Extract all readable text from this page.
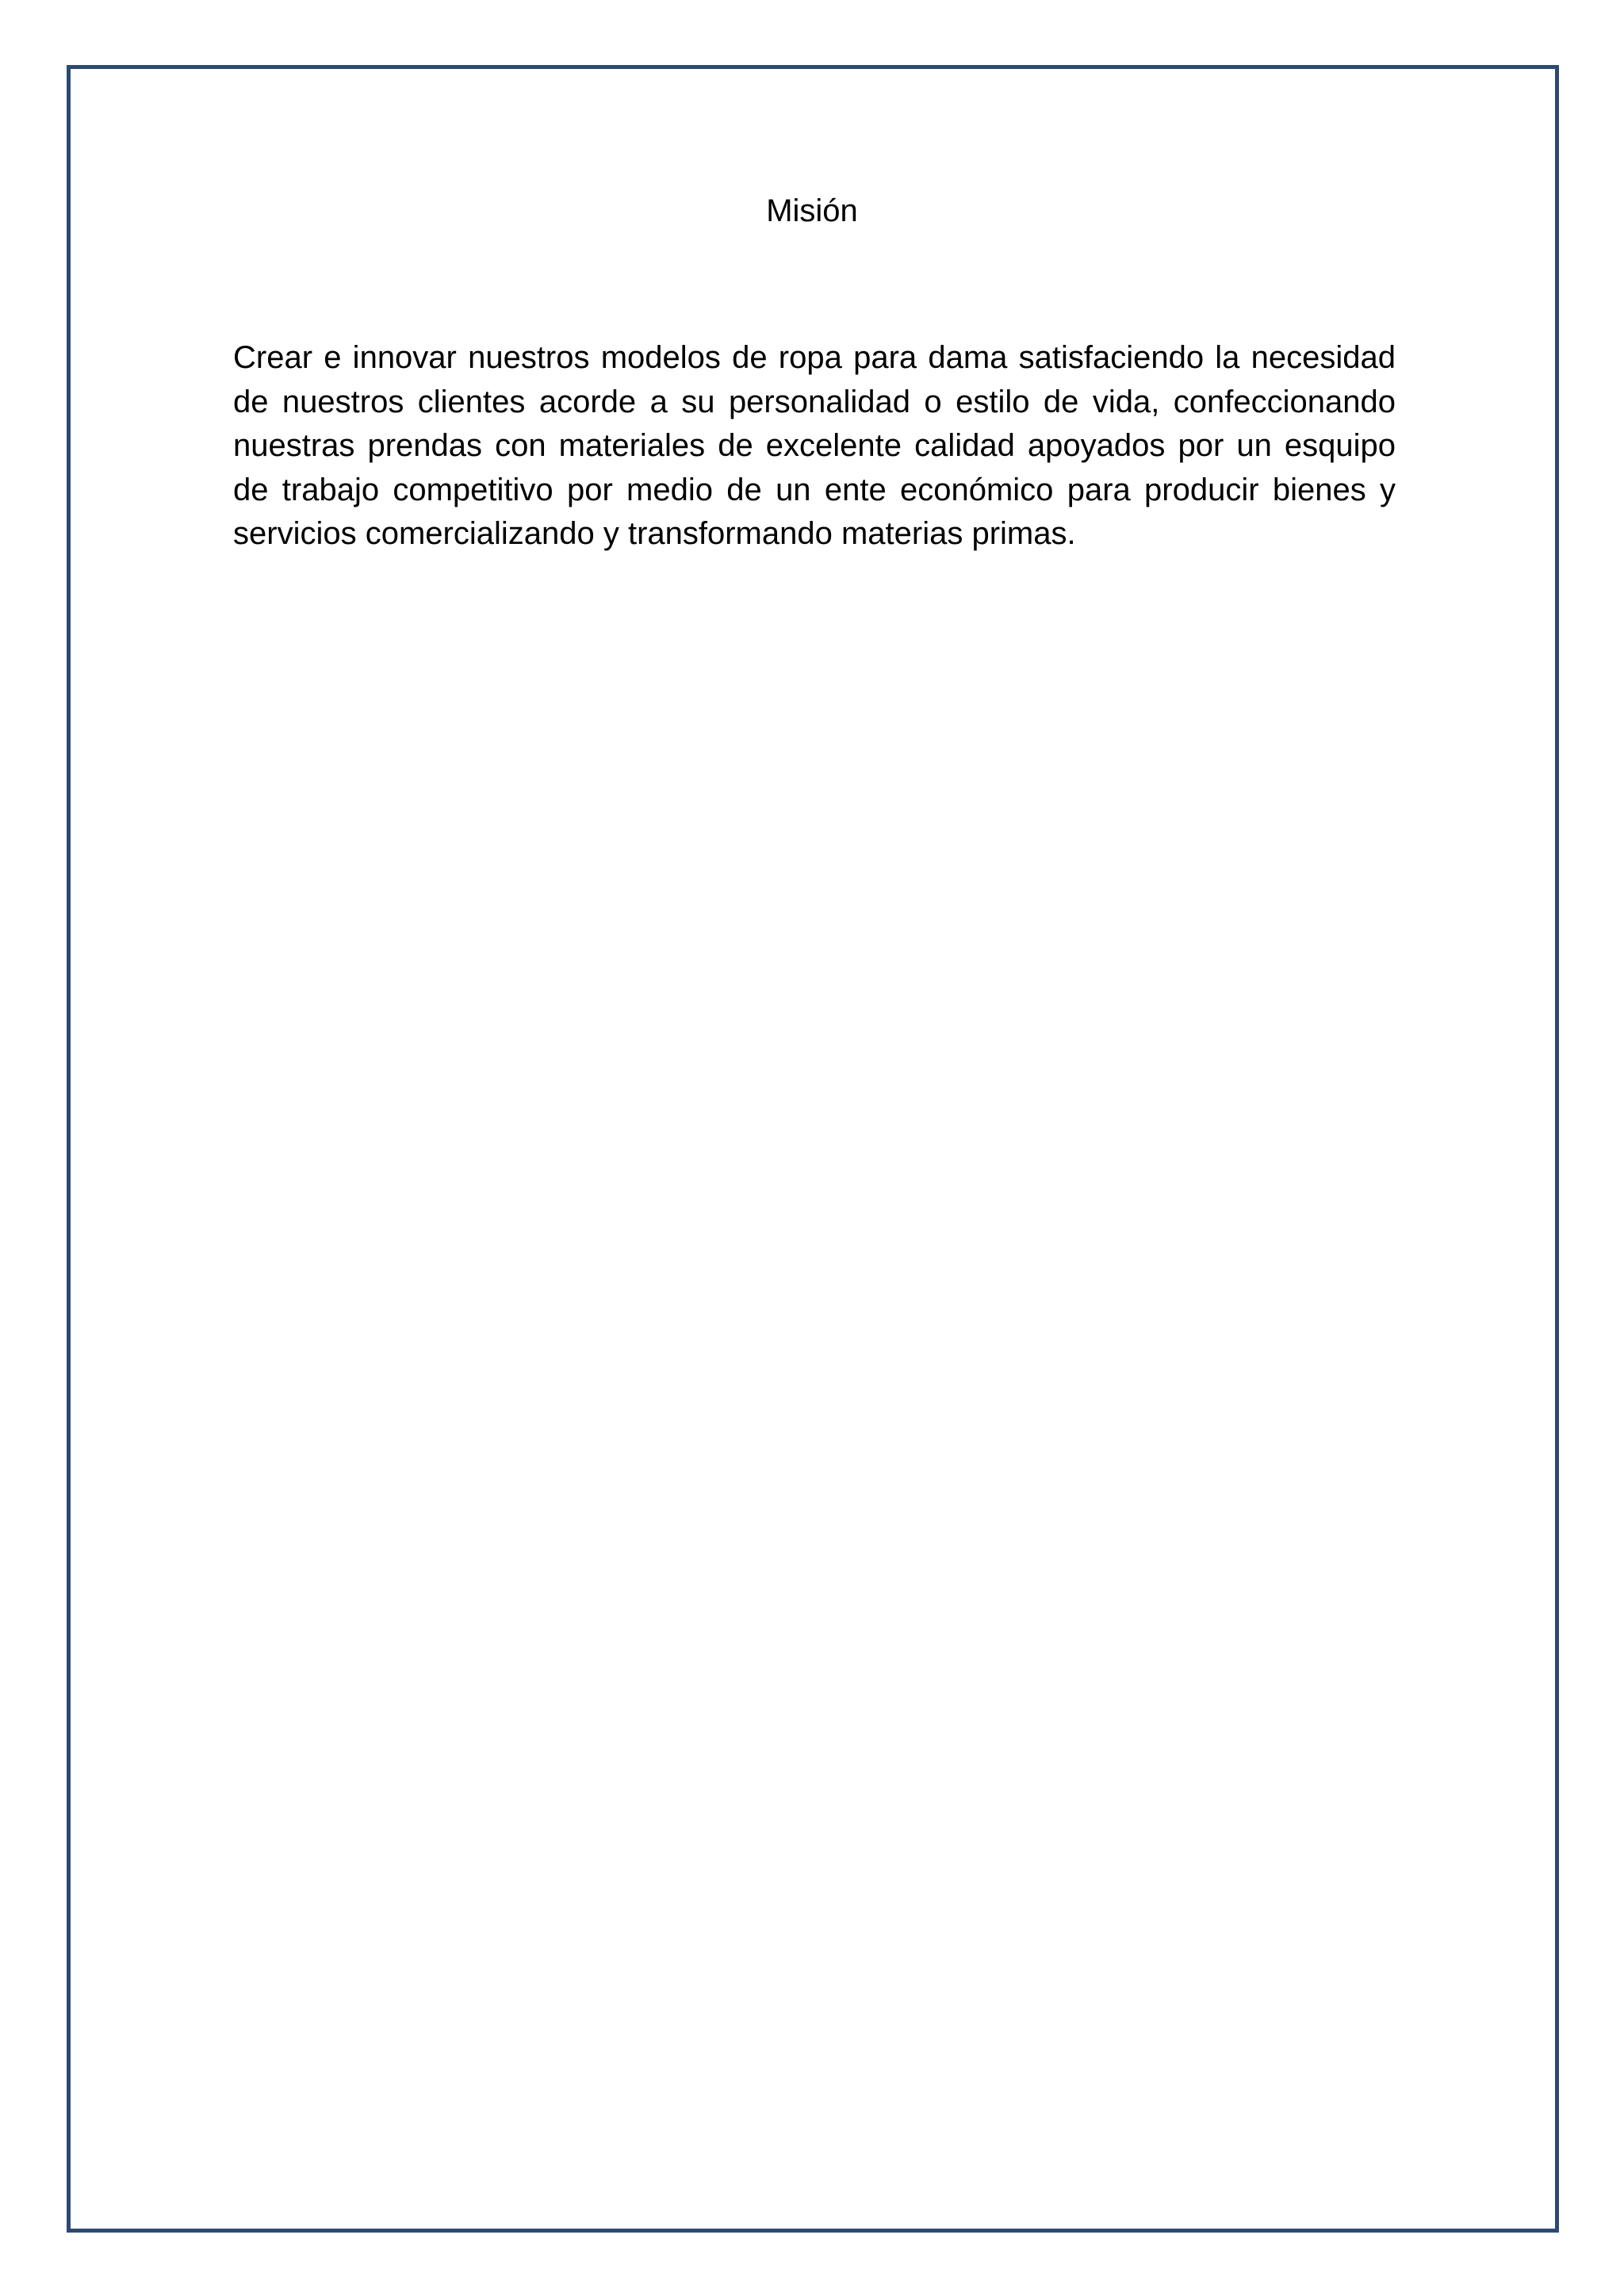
Misión

Crear e innovar nuestros modelos de ropa para dama satisfaciendo la necesidad de nuestros clientes acorde a su personalidad o estilo de vida, confeccionando nuestras prendas con materiales de excelente calidad apoyados por un esquipo de trabajo competitivo por medio de un ente económico para producir bienes y servicios comercializando y transformando materias primas.
